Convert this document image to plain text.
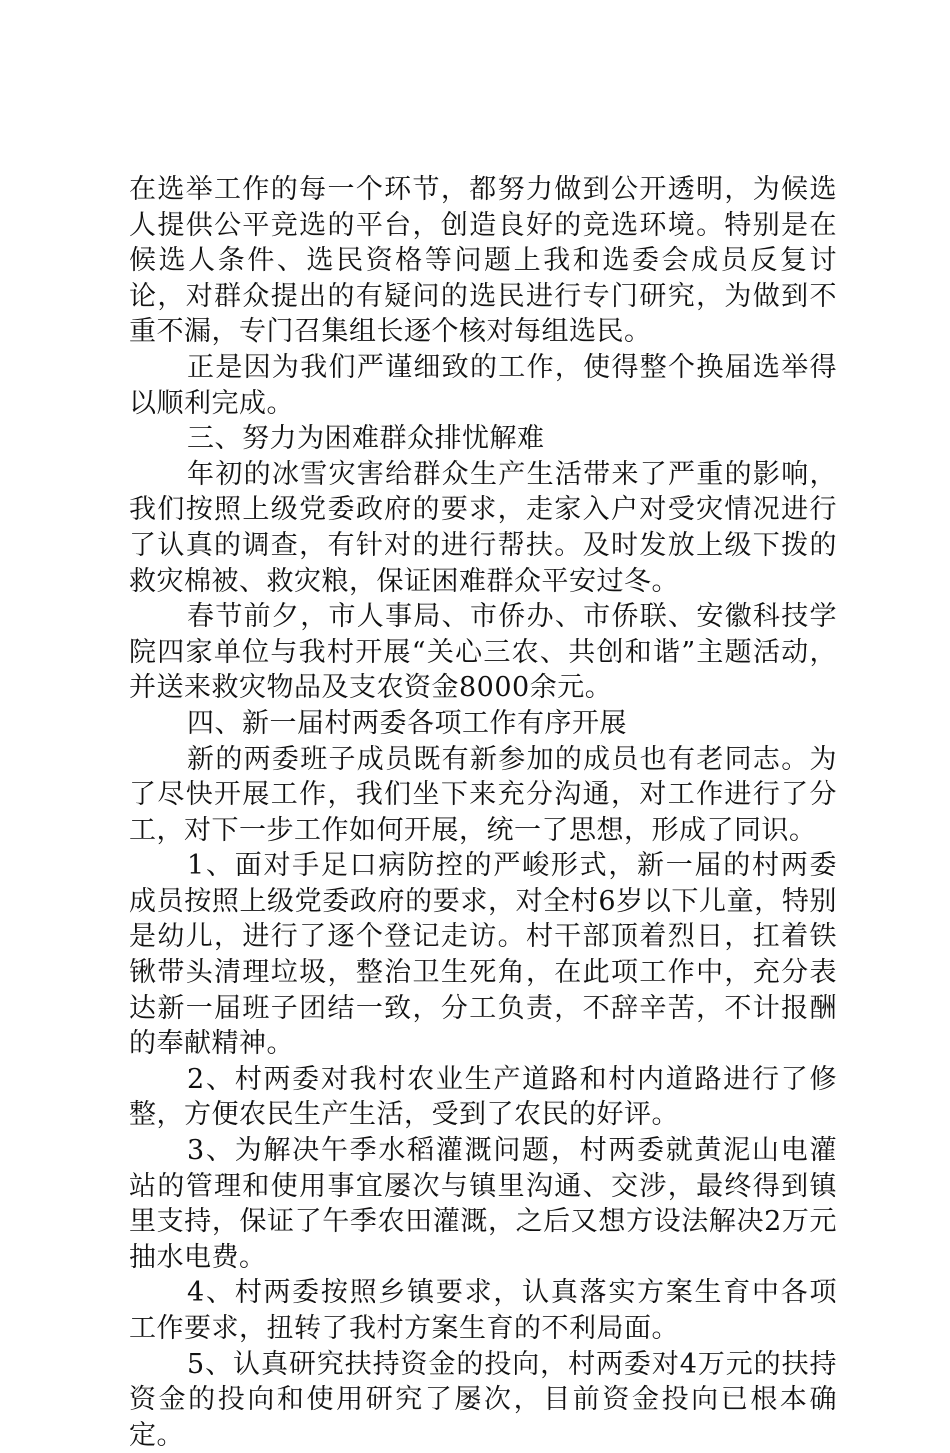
在选举工作的每一个环节，都努力做到公开透明，为候选人提供公平竞选的平台，创造良好的竞选环境。特别是在候选人条件、选民资格等问题上我和选委会成员反复讨论，对群众提出的有疑问的选民进行专门研究，为做到不重不漏，专门召集组长逐个核对每组选民。

正是因为我们严谨细致的工作，使得整个换届选举得以顺利完成。

三、努力为困难群众排忧解难

年初的冰雪灾害给群众生产生活带来了严重的影响，我们按照上级党委政府的要求，走家入户对受灾情况进行了认真的调查，有针对的进行帮扶。及时发放上级下拨的救灾棉被、救灾粮，保证困难群众平安过冬。

春节前夕，市人事局、市侨办、市侨联、安徽科技学院四家单位与我村开展“关心三农、共创和谐”主题活动，并送来救灾物品及支农资金8000余元。

四、新一届村两委各项工作有序开展

新的两委班子成员既有新参加的成员也有老同志。为了尽快开展工作，我们坐下来充分沟通，对工作进行了分工，对下一步工作如何开展，统一了思想，形成了同识。

1、面对手足口病防控的严峻形式，新一届的村两委成员按照上级党委政府的要求，对全村6岁以下儿童，特别是幼儿，进行了逐个登记走访。村干部顶着烈日，扛着铁锹带头清理垃圾，整治卫生死角，在此项工作中，充分表达新一届班子团结一致，分工负责，不辞辛苦，不计报酬的奉献精神。

2、村两委对我村农业生产道路和村内道路进行了修整，方便农民生产生活，受到了农民的好评。

3、为解决午季水稻灌溉问题，村两委就黄泥山电灌站的管理和使用事宜屡次与镇里沟通、交涉，最终得到镇里支持，保证了午季农田灌溉，之后又想方设法解决2万元抽水电费。

4、村两委按照乡镇要求，认真落实方案生育中各项工作要求，扭转了我村方案生育的不利局面。

5、认真研究扶持资金的投向，村两委对4万元的扶持资金的投向和使用研究了屡次，目前资金投向已根本确定。
